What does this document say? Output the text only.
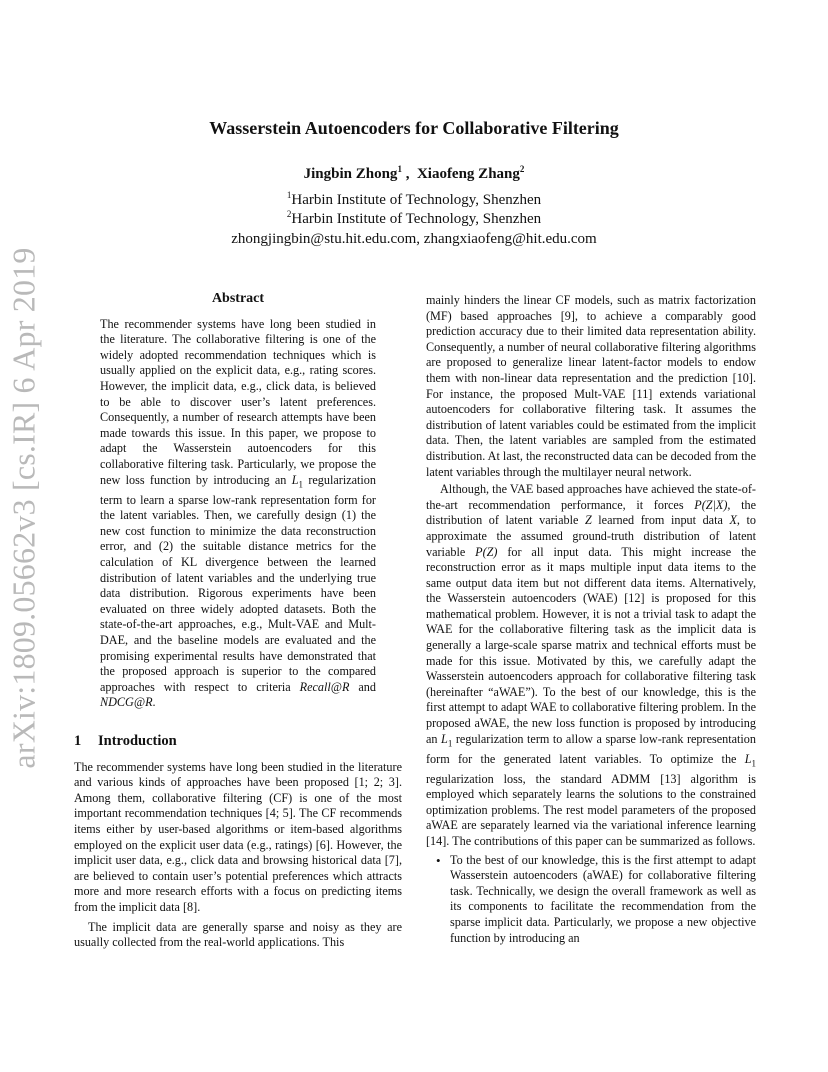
arXiv:1809.05662v3 [cs.IR] 6 Apr 2019
Wasserstein Autoencoders for Collaborative Filtering
Jingbin Zhong$^1$ ,  Xiaofeng Zhang$^2$
$^1$Harbin Institute of Technology, Shenzhen
$^2$Harbin Institute of Technology, Shenzhen
zhongjingbin@stu.hit.edu.com, zhangxiaofeng@hit.edu.com
Abstract

The recommender systems have long been studied in the literature. The collaborative filtering is one of the widely adopted recommendation techniques which is usually applied on the explicit data, e.g., rating scores. However, the implicit data, e.g., click data, is believed to be able to discover user’s latent preferences. Consequently, a number of research attempts have been made towards this issue. In this paper, we propose to adapt the Wasserstein autoencoders for this collaborative filtering task. Particularly, we propose the new loss function by introducing an $L_1$ regularization term to learn a sparse low-rank representation form for the latent variables. Then, we carefully design (1) the new cost function to minimize the data reconstruction error, and (2) the suitable distance metrics for the calculation of KL divergence between the learned distribution of latent variables and the underlying true data distribution. Rigorous experiments have been evaluated on three widely adopted datasets. Both the state-of-the-art approaches, e.g., Mult-VAE and Mult-DAE, and the baseline models are evaluated and the promising experimental results have demonstrated that the proposed approach is superior to the compared approaches with respect to criteria Recall@R and NDCG@R.

1 Introduction

The recommender systems have long been studied in the literature and various kinds of approaches have been proposed [1; 2; 3]. Among them, collaborative filtering (CF) is one of the most important recommendation techniques [4; 5]. The CF recommends items either by user-based algorithms or item-based algorithms employed on the explicit user data (e.g., ratings) [6]. However, the implicit user data, e.g., click data and browsing historical data [7], are believed to contain user’s potential preferences which attracts more and more research efforts with a focus on predicting items from the implicit data [8].

The implicit data are generally sparse and noisy as they are usually collected from the real-world applications. This

mainly hinders the linear CF models, such as matrix factorization (MF) based approaches [9], to achieve a comparably good prediction accuracy due to their limited data representation ability. Consequently, a number of neural collaborative filtering algorithms are proposed to generalize linear latent-factor models to endow them with non-linear data representation and the prediction [10]. For instance, the proposed Mult-VAE [11] extends variational autoencoders for collaborative filtering task. It assumes the distribution of latent variables could be estimated from the implicit data. Then, the latent variables are sampled from the estimated distribution. At last, the reconstructed data can be decoded from the latent variables through the multilayer neural network.

Although, the VAE based approaches have achieved the state-of-the-art recommendation performance, it forces P(Z|X), the distribution of latent variable Z learned from input data X, to approximate the assumed ground-truth distribution of latent variable P(Z) for all input data. This might increase the reconstruction error as it maps multiple input data items to the same output data item but not different data items. Alternatively, the Wasserstein autoencoders (WAE) [12] is proposed for this mathematical problem. However, it is not a trivial task to adapt the WAE for the collaborative filtering task as the implicit data is generally a large-scale sparse matrix and technical efforts must be made for this issue. Motivated by this, we carefully adapt the Wasserstein autoencoders approach for collaborative filtering task (hereinafter “aWAE”). To the best of our knowledge, this is the first attempt to adapt WAE to collaborative filtering problem. In the proposed aWAE, the new loss function is proposed by introducing an $L_1$ regularization term to allow a sparse low-rank representation form for the generated latent variables. To optimize the $L_1$ regularization loss, the standard ADMM [13] algorithm is employed which separately learns the solutions to the constrained optimization problems. The rest model parameters of the proposed aWAE are separately learned via the variational inference learning [14]. The contributions of this paper can be summarized as follows.

• To the best of our knowledge, this is the first attempt to adapt Wasserstein autoencoders (aWAE) for collaborative filtering task. Technically, we design the overall framework as well as its components to facilitate the recommendation from the sparse implicit data. Particularly, we propose a new objective function by introducing an
